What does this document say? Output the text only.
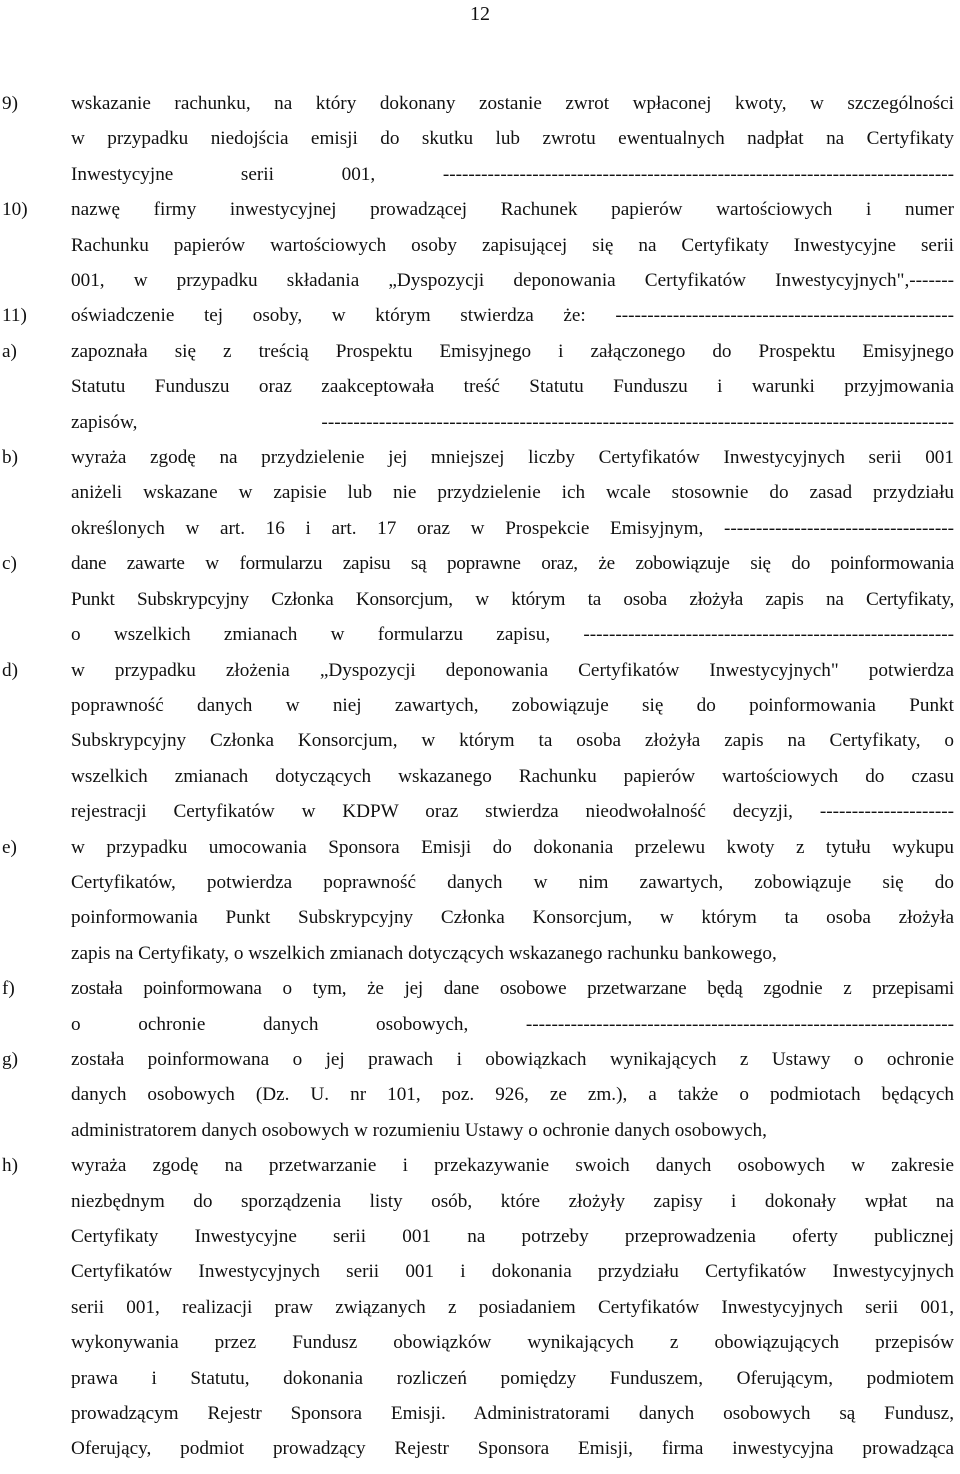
12
9)	wskazanie rachunku, na który dokonany zostanie zwrot wpłaconej kwoty, w szczególności
w przypadku niedojścia emisji do skutku lub zwrotu ewentualnych nadpłat na Certyfikaty
Inwestycyjne serii 001, --------------------------------------------------------------------------------
10) nazwę firmy inwestycyjnej prowadzącej Rachunek papierów wartościowych i numer
Rachunku papierów wartościowych osoby zapisującej się na Certyfikaty Inwestycyjne serii
001, w przypadku składania „Dyspozycji deponowania Certyfikatów Inwestycyjnych",-------
11) oświadczenie tej osoby, w którym stwierdza że: -----------------------------------------------------
a)	zapoznała się z treścią Prospektu Emisyjnego i załączonego do Prospektu Emisyjnego
Statutu Funduszu oraz zaakceptowała treść Statutu Funduszu i warunki przyjmowania
zapisów, ---------------------------------------------------------------------------------------------------
b)	wyraża zgodę na przydzielenie jej mniejszej liczby Certyfikatów Inwestycyjnych serii 001
aniżeli wskazane w zapisie lub nie przydzielenie ich wcale stosownie do zasad przydziału
określonych w art. 16 i art. 17 oraz w Prospekcie Emisyjnym, ------------------------------------
c)	dane zawarte w formularzu zapisu są poprawne oraz, że zobowiązuje się do poinformowania
Punkt Subskrypcyjny Członka Konsorcjum, w którym ta osoba złożyła zapis na Certyfikaty,
o wszelkich zmianach w formularzu zapisu, ----------------------------------------------------------
d)	w przypadku złożenia „Dyspozycji deponowania Certyfikatów Inwestycyjnych" potwierdza
poprawność danych w niej zawartych, zobowiązuje się do poinformowania Punkt
Subskrypcyjny Członka Konsorcjum, w którym ta osoba złożyła zapis na Certyfikaty, o
wszelkich zmianach dotyczących wskazanego Rachunku papierów wartościowych do czasu
rejestracji Certyfikatów w KDPW oraz stwierdza nieodwołalność decyzji, ---------------------
e)	w przypadku umocowania Sponsora Emisji do dokonania przelewu kwoty z tytułu wykupu
Certyfikatów, potwierdza poprawność danych w nim zawartych, zobowiązuje się do
poinformowania Punkt Subskrypcyjny Członka Konsorcjum, w którym ta osoba złożyła
zapis na Certyfikaty, o wszelkich zmianach dotyczących wskazanego rachunku bankowego,
f)	została poinformowana o tym, że jej dane osobowe przetwarzane będą zgodnie z przepisami
o ochronie danych osobowych, -------------------------------------------------------------------
g)	została poinformowana o jej prawach i obowiązkach wynikających z Ustawy o ochronie
danych osobowych (Dz. U. nr 101, poz. 926, ze zm.), a także o podmiotach będących
administratorem danych osobowych w rozumieniu Ustawy o ochronie danych osobowych,
h)	wyraża zgodę na przetwarzanie i przekazywanie swoich danych osobowych w zakresie
niezbędnym do sporządzenia listy osób, które złożyły zapisy i dokonały wpłat na
Certyfikaty Inwestycyjne serii 001 na potrzeby przeprowadzenia oferty publicznej
Certyfikatów Inwestycyjnych serii 001 i dokonania przydziału Certyfikatów Inwestycyjnych
serii 001, realizacji praw związanych z posiadaniem Certyfikatów Inwestycyjnych serii 001,
wykonywania przez Fundusz obowiązków wynikających z obowiązujących przepisów
prawa i Statutu, dokonania rozliczeń pomiędzy Funduszem, Oferującym, podmiotem
prowadzącym Rejestr Sponsora Emisji. Administratorami danych osobowych są Fundusz,
Oferujący, podmiot prowadzący Rejestr Sponsora Emisji, firma inwestycyjna prowadząca
